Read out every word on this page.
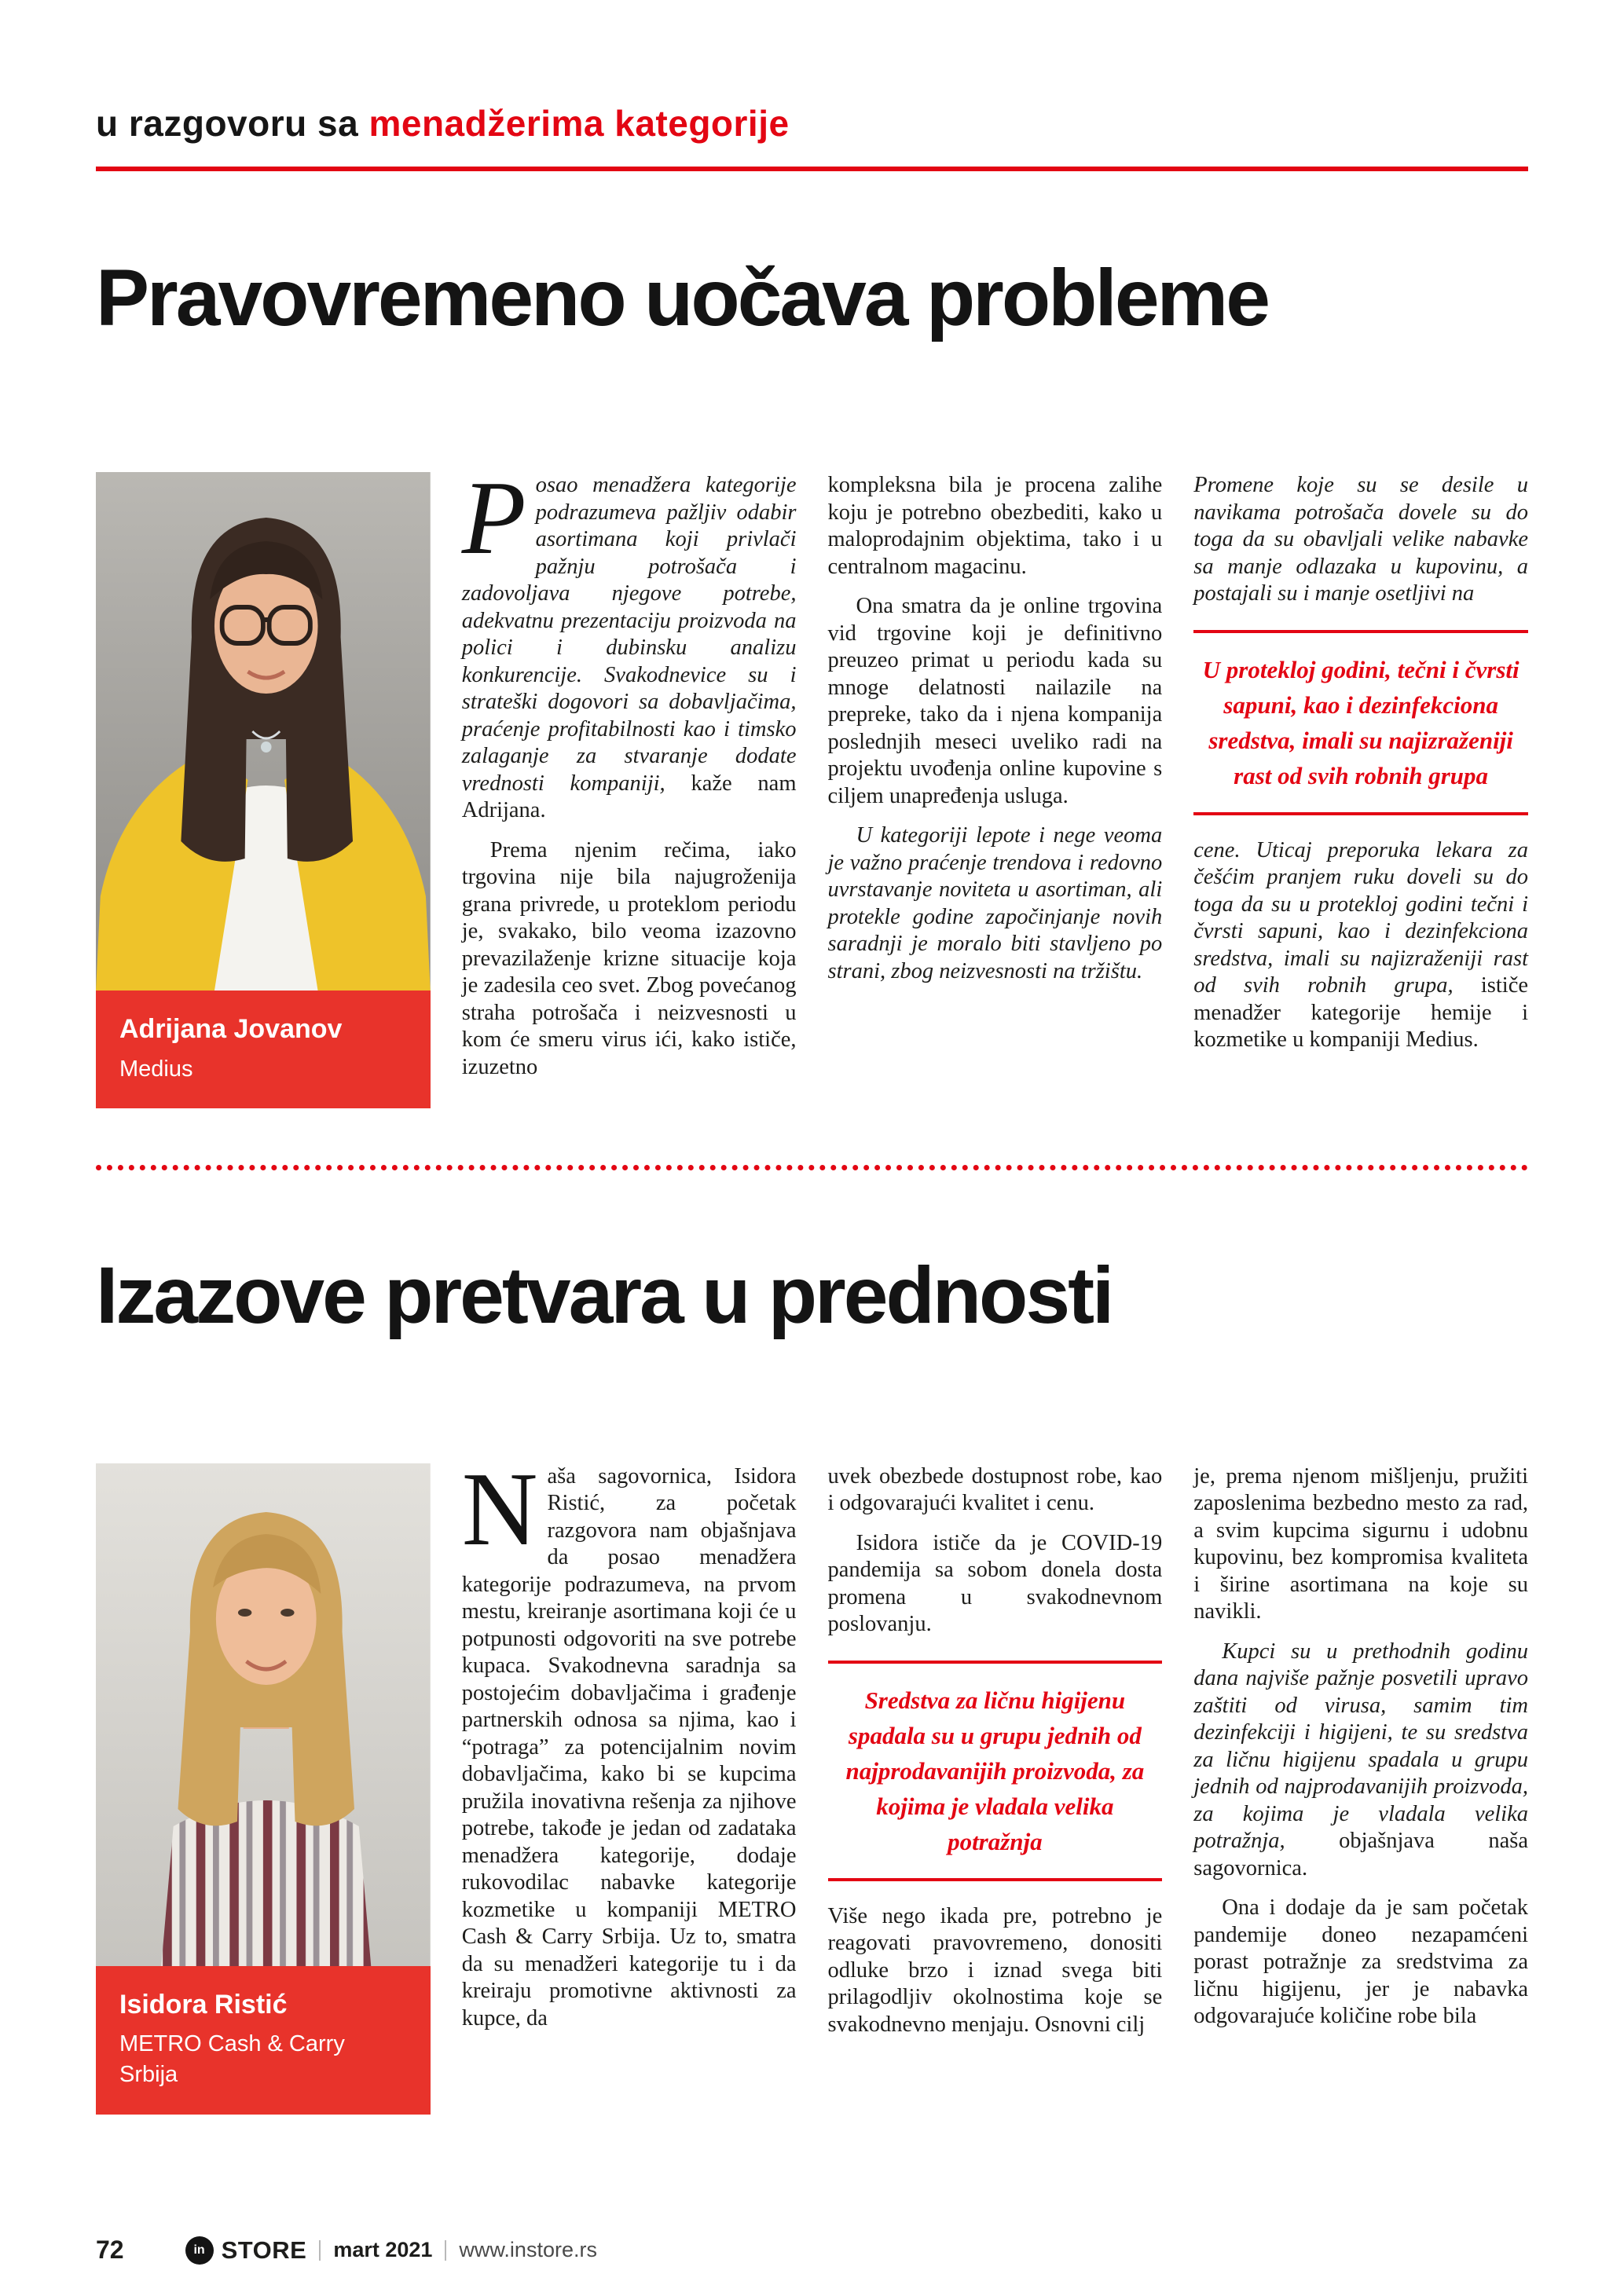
u razgovoru sa menadžerima kategorije
Pravovremeno uočava probleme
Adrijana Jovanov
Medius

Posao menadžera kategorije podrazumeva pažljiv odabir asortimana koji privlači pažnju potrošača i zadovoljava njegove potrebe, adekvatnu prezentaciju proizvoda na polici i dubinsku analizu konkurencije. Svakodnevice su i strateški dogovori sa dobavljačima, praćenje profitabilnosti kao i timsko zalaganje za stvaranje dodate vrednosti kompaniji, kaže nam Adrijana.

Prema njenim rečima, iako trgovina nije bila najugroženija grana privrede, u proteklom periodu je, svakako, bilo veoma izazovno prevazilaženje krizne situacije koja je zadesila ceo svet. Zbog povećanog straha potrošača i neizvesnosti u kom će smeru virus ići, kako ističe, izuzetno

kompleksna bila je procena zalihe koju je potrebno obezbediti, kako u maloprodajnim objektima, tako i u centralnom magacinu.

Ona smatra da je online trgovina vid trgovine koji je definitivno preuzeo primat u periodu kada su mnoge delatnosti nailazile na prepreke, tako da i njena kompanija poslednjih meseci uveliko radi na projektu uvođenja online kupovine s ciljem unapređenja usluga.

U kategoriji lepote i nege veoma je važno praćenje trendova i redovno uvrstavanje noviteta u asortiman, ali protekle godine započinjanje novih saradnji je moralo biti stavljeno po strani, zbog neizvesnosti na tržištu.

Promene koje su se desile u navikama potrošača dovele su do toga da su obavljali velike nabavke sa manje odlazaka u kupovinu, a postajali su i manje osetljivi na

U protekloj godini, tečni i čvrsti sapuni, kao i dezinfekciona sredstva, imali su najizraženiji rast od svih robnih grupa

cene. Uticaj preporuka lekara za češćim pranjem ruku doveli su do toga da su u protekloj godini tečni i čvrsti sapuni, kao i dezinfekciona sredstva, imali su najizraženiji rast od svih robnih grupa, ističe menadžer kategorije hemije i kozmetike u kompaniji Medius.

Izazove pretvara u prednosti
Isidora Ristić
METRO Cash & Carry Srbija

Naša sagovornica, Isidora Ristić, za početak razgovora nam objašnjava da posao menadžera kategorije podrazumeva, na prvom mestu, kreiranje asortimana koji će u potpunosti odgovoriti na sve potrebe kupaca. Svakodnevna saradnja sa postojećim dobavljačima i građenje partnerskih odnosa sa njima, kao i “potraga” za potencijalnim novim dobavljačima, kako bi se kupcima pružila inovativna rešenja za njihove potrebe, takođe je jedan od zadataka menadžera kategorije, dodaje rukovodilac nabavke kategorije kozmetike u kompaniji METRO Cash & Carry Srbija. Uz to, smatra da su menadžeri kategorije tu i da kreiraju promotivne aktivnosti za kupce, da

uvek obezbede dostupnost robe, kao i odgovarajući kvalitet i cenu.

Isidora ističe da je COVID-19 pandemija sa sobom donela dosta promena u svakodnevnom poslovanju.

Sredstva za ličnu higijenu spadala su u grupu jednih od najprodavanijih proizvoda, za kojima je vladala velika potražnja

Više nego ikada pre, potrebno je reagovati pravovremeno, donositi odluke brzo i iznad svega biti prilagodljiv okolnostima koje se svakodnevno menjaju. Osnovni cilj

je, prema njenom mišljenju, pružiti zaposlenima bezbedno mesto za rad, a svim kupcima sigurnu i udobnu kupovinu, bez kompromisa kvaliteta i širine asortimana na koje su navikli.

Kupci su u prethodnih godinu dana najviše pažnje posvetili upravo zaštiti od virusa, samim tim dezinfekciji i higijeni, te su sredstva za ličnu higijenu spadala u grupu jednih od najprodavanijih proizvoda, za kojima je vladala velika potražnja, objašnjava naša sagovornica.

Ona i dodaje da je sam početak pandemije doneo nezapamćeni porast potražnje za sredstvima za ličnu higijenu, jer je nabavka odgovarajuće količine robe bila

72	in STORE mart 2021 www.instore.rs
